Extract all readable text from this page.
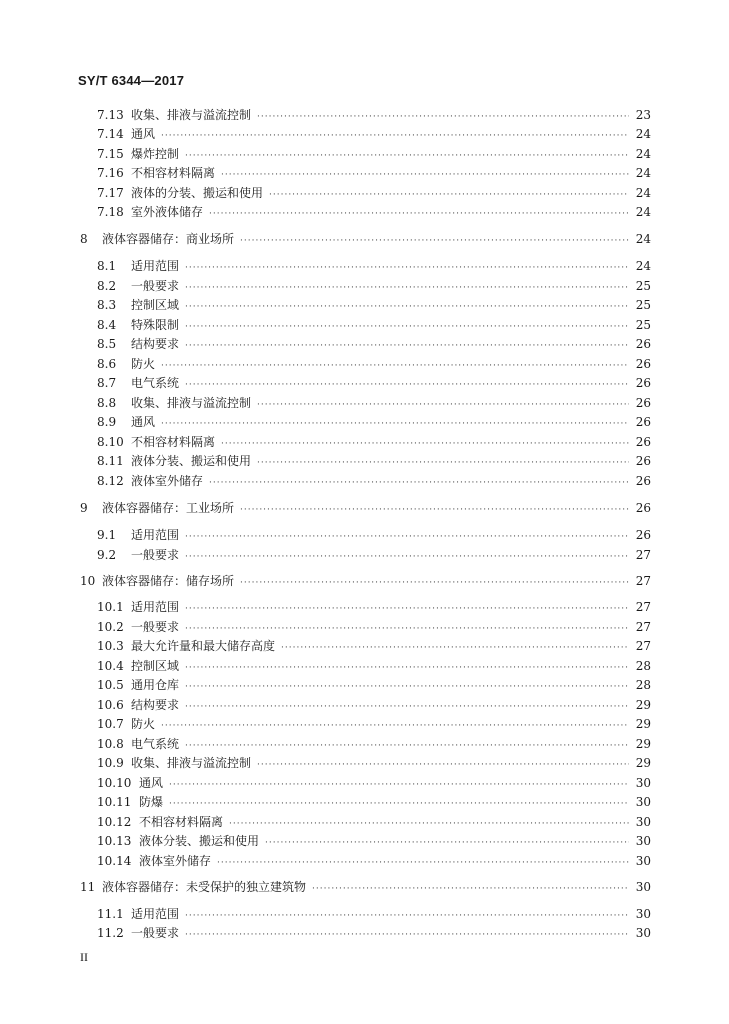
SY/T 6344—2017
7.13 收集、排液与溢流控制 ·····	23
7.14 通风 ·····	24
7.15 爆炸控制 ·····	24
7.16 不相容材料隔离 ·····	24
7.17 液体的分装、搬运和使用 ·····	24
7.18 室外液体储存 ·····	24
8	液体容器储存：商业场所 ·····	24
8.1	适用范围 ·····	24
8.2	一般要求 ·····	25
8.3	控制区域 ·····	25
8.4	特殊限制 ·····	25
8.5	结构要求 ·····	26
8.6	防火 ·····	26
8.7	电气系统 ·····	26
8.8	收集、排液与溢流控制 ·····	26
8.9	通风 ·····	26
8.10 不相容材料隔离 ·····	26
8.11 液体分装、搬运和使用 ·····	26
8.12 液体室外储存 ·····	26
9	液体容器储存：工业场所 ·····	26
9.1	适用范围 ·····	26
9.2	一般要求 ·····	27
10 液体容器储存：储存场所 ·····	27
10.1 适用范围 ·····	27
10.2 一般要求 ·····	27
10.3 最大允许量和最大储存高度 ·····	27
10.4 控制区域 ·····	28
10.5 通用仓库 ·····	28
10.6 结构要求 ·····	29
10.7 防火 ·····	29
10.8 电气系统 ·····	29
10.9 收集、排液与溢流控制 ·····	29
10.10 通风 ·····	30
10.11 防爆 ·····	30
10.12 不相容材料隔离 ·····	30
10.13 液体分装、搬运和使用 ·····	30
10.14 液体室外储存 ·····	30
11 液体容器储存：未受保护的独立建筑物 ·····	30
11.1 适用范围 ·····	30
11.2 一般要求 ·····	30
II
